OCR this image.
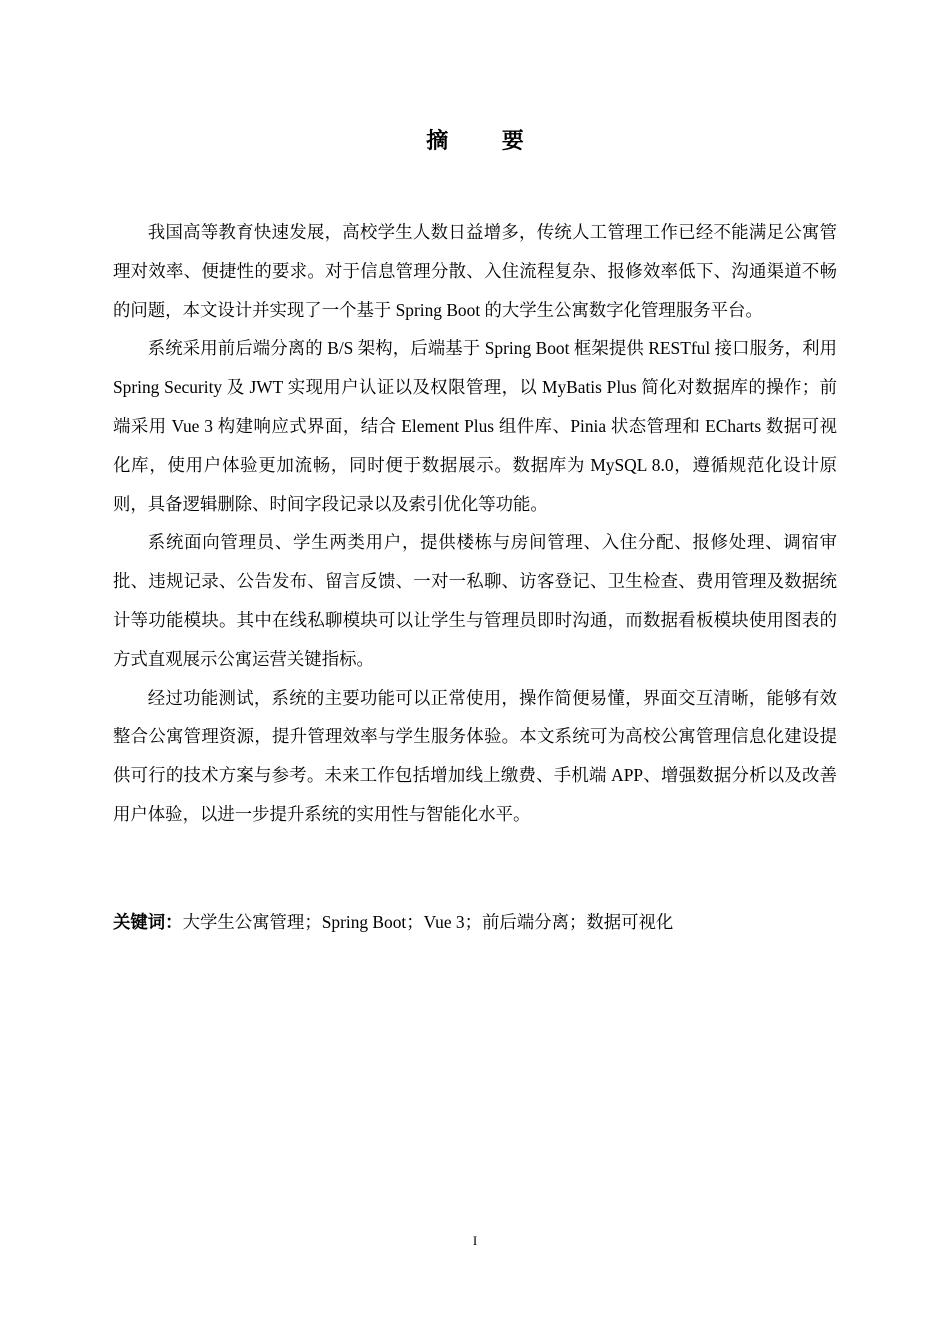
摘 要

我国高等教育快速发展，高校学生人数日益增多，传统人工管理工作已经不能满足公寓管理对效率、便捷性的要求。对于信息管理分散、入住流程复杂、报修效率低下、沟通渠道不畅的问题，本文设计并实现了一个基于 Spring Boot 的大学生公寓数字化管理服务平台。

系统采用前后端分离的 B/S 架构，后端基于 Spring Boot 框架提供 RESTful 接口服务，利用 Spring Security 及 JWT 实现用户认证以及权限管理，以 MyBatis Plus 简化对数据库的操作；前端采用 Vue 3 构建响应式界面，结合 Element Plus 组件库、Pinia 状态管理和 ECharts 数据可视化库，使用户体验更加流畅，同时便于数据展示。数据库为 MySQL 8.0，遵循规范化设计原则，具备逻辑删除、时间字段记录以及索引优化等功能。

系统面向管理员、学生两类用户，提供楼栋与房间管理、入住分配、报修处理、调宿审批、违规记录、公告发布、留言反馈、一对一私聊、访客登记、卫生检查、费用管理及数据统计等功能模块。其中在线私聊模块可以让学生与管理员即时沟通，而数据看板模块使用图表的方式直观展示公寓运营关键指标。

经过功能测试，系统的主要功能可以正常使用，操作简便易懂，界面交互清晰，能够有效整合公寓管理资源，提升管理效率与学生服务体验。本文系统可为高校公寓管理信息化建设提供可行的技术方案与参考。未来工作包括增加线上缴费、手机端 APP、增强数据分析以及改善用户体验，以进一步提升系统的实用性与智能化水平。

关键词：大学生公寓管理；Spring Boot；Vue 3；前后端分离；数据可视化
I
